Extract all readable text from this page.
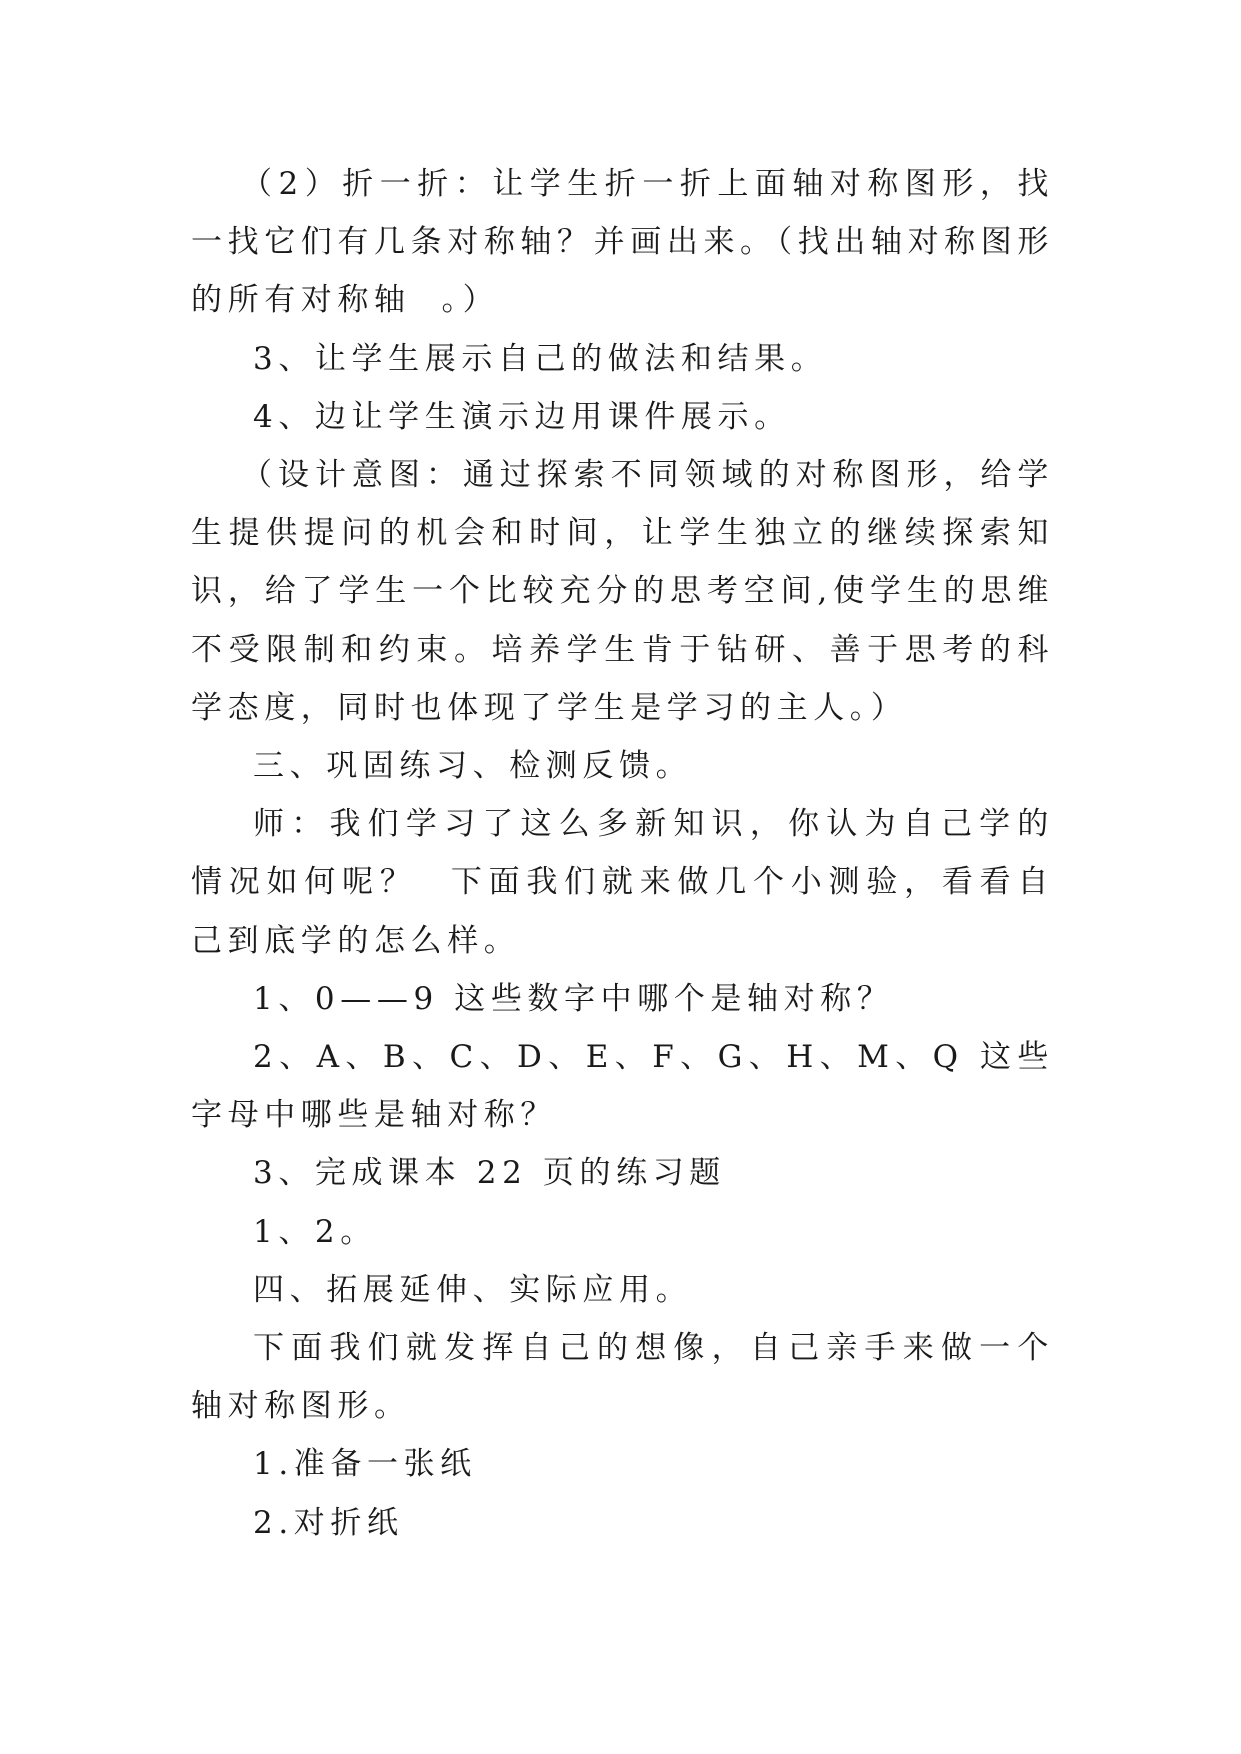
（2）折一折：让学生折一折上面轴对称图形，找一找它们有几条对称轴？并画出来。（找出轴对称图形的所有对称轴  。）

3、让学生展示自己的做法和结果。

4、边让学生演示边用课件展示。

（设计意图：通过探索不同领域的对称图形，给学生提供提问的机会和时间，让学生独立的继续探索知识，给了学生一个比较充分的思考空间,使学生的思维不受限制和约束。培养学生肯于钻研、善于思考的科学态度，同时也体现了学生是学习的主人。）

三、巩固练习、检测反馈。

师：我们学习了这么多新知识，你认为自己学的情况如何呢？  下面我们就来做几个小测验，看看自己到底学的怎么样。

1、0——9 这些数字中哪个是轴对称？

2、A、B、C、D、E、F、G、H、M、Q 这些字母中哪些是轴对称？

3、完成课本 22 页的练习题

1、2。

四、拓展延伸、实际应用。

下面我们就发挥自己的想像，自己亲手来做一个轴对称图形。

1.准备一张纸

2.对折纸
